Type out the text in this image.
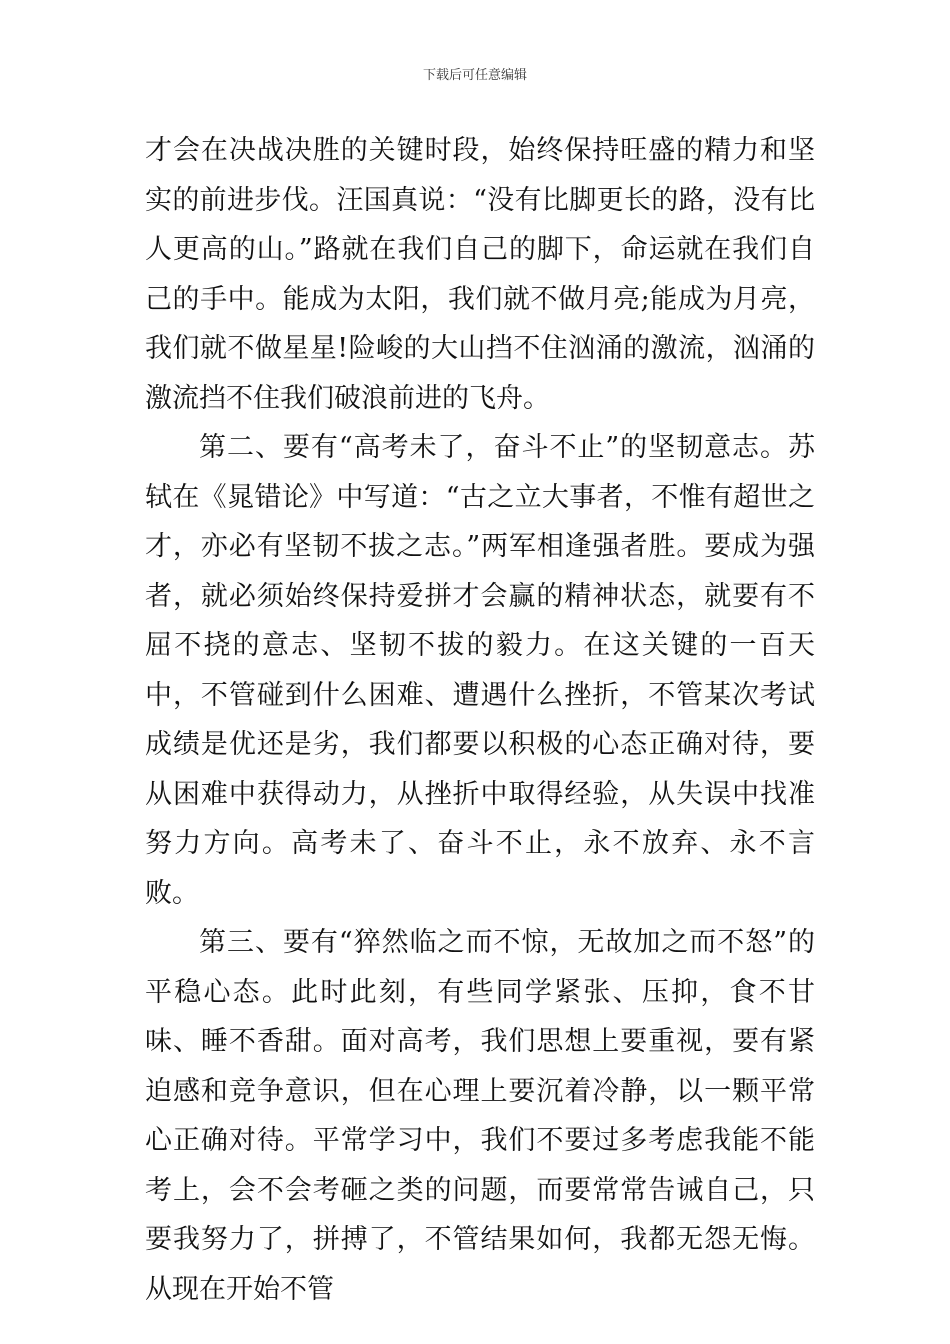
下载后可任意编辑

才会在决战决胜的关键时段，始终保持旺盛的精力和坚实的前进步伐。汪国真说：“没有比脚更长的路，没有比人更高的山。”路就在我们自己的脚下，命运就在我们自己的手中。能成为太阳，我们就不做月亮;能成为月亮，我们就不做星星!险峻的大山挡不住汹涌的激流，汹涌的激流挡不住我们破浪前进的飞舟。

第二、要有“高考未了，奋斗不止”的坚韧意志。苏轼在《晁错论》中写道：“古之立大事者，不惟有超世之才，亦必有坚韧不拔之志。”两军相逢强者胜。要成为强者，就必须始终保持爱拼才会赢的精神状态，就要有不屈不挠的意志、坚韧不拔的毅力。在这关键的一百天中，不管碰到什么困难、遭遇什么挫折，不管某次考试成绩是优还是劣，我们都要以积极的心态正确对待，要从困难中获得动力，从挫折中取得经验，从失误中找准努力方向。高考未了、奋斗不止，永不放弃、永不言败。

第三、要有“猝然临之而不惊，无故加之而不怒”的平稳心态。此时此刻，有些同学紧张、压抑，食不甘味、睡不香甜。面对高考，我们思想上要重视，要有紧迫感和竞争意识，但在心理上要沉着冷静，以一颗平常心正确对待。平常学习中，我们不要过多考虑我能不能考上，会不会考砸之类的问题，而要常常告诫自己，只要我努力了，拼搏了，不管结果如何，我都无怨无悔。从现在开始不管
